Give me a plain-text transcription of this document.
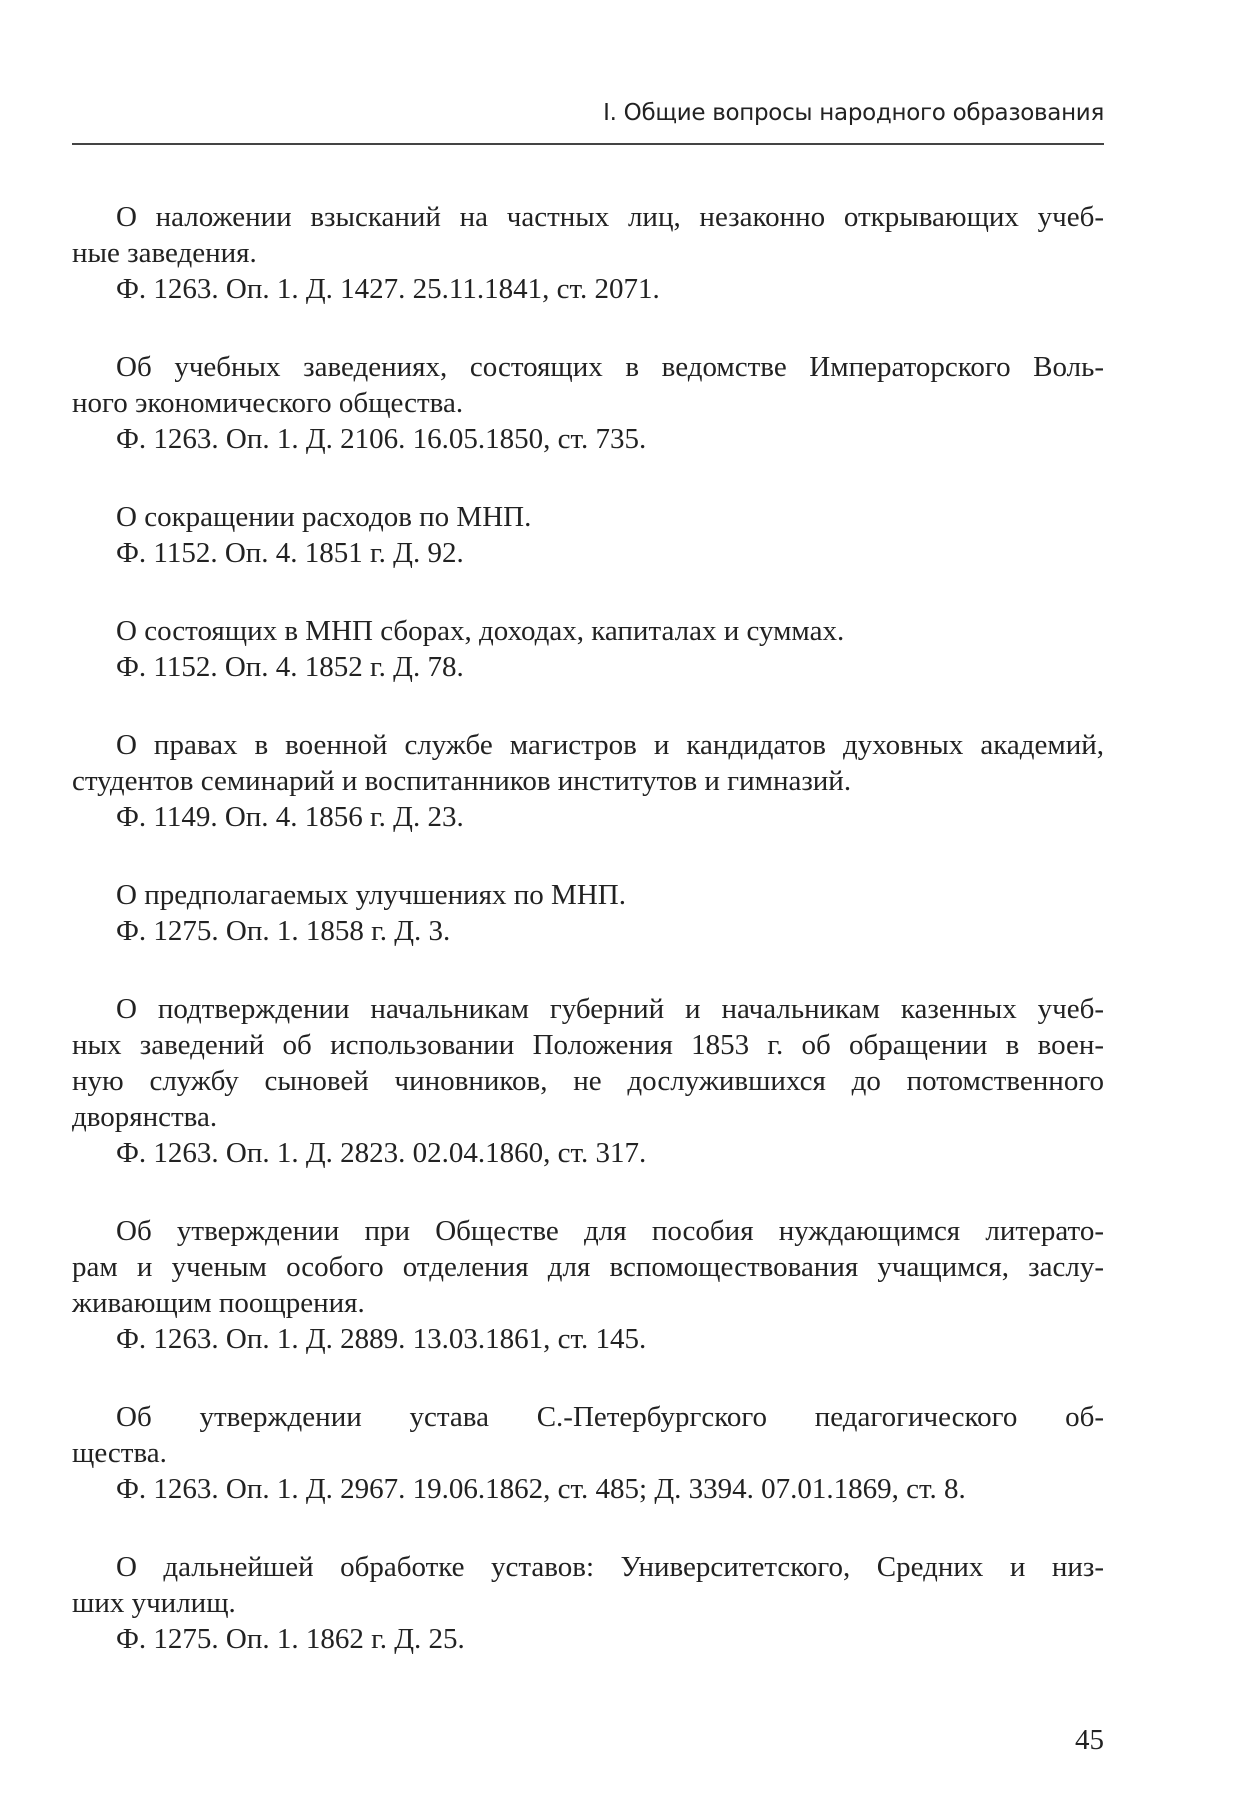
I. Общие вопросы народного образования
О наложении взысканий на частных лиц, незаконно открывающих учеб-
ные заведения.
Ф. 1263. Оп. 1. Д. 1427. 25.11.1841, ст. 2071.
Об учебных заведениях, состоящих в ведомстве Императорского Воль-
ного экономического общества.
Ф. 1263. Оп. 1. Д. 2106. 16.05.1850, ст. 735.
О сокращении расходов по МНП.
Ф. 1152. Оп. 4. 1851 г. Д. 92.
О состоящих в МНП сборах, доходах, капиталах и суммах.
Ф. 1152. Оп. 4. 1852 г. Д. 78.
О правах в военной службе магистров и кандидатов духовных академий,
студентов семинарий и воспитанников институтов и гимназий.
Ф. 1149. Оп. 4. 1856 г. Д. 23.
О предполагаемых улучшениях по МНП.
Ф. 1275. Оп. 1. 1858 г. Д. 3.
О подтверждении начальникам губерний и начальникам казенных учеб-
ных заведений об использовании Положения 1853 г. об обращении в воен-
ную службу сыновей чиновников, не дослужившихся до потомственного
дворянства.
Ф. 1263. Оп. 1. Д. 2823. 02.04.1860, ст. 317.
Об утверждении при Обществе для пособия нуждающимся литерато-
рам и ученым особого отделения для вспомоществования учащимся, заслу-
живающим поощрения.
Ф. 1263. Оп. 1. Д. 2889. 13.03.1861, ст. 145.
Об утверждении устава С.-Петербургского педагогического об-
щества.
Ф. 1263. Оп. 1. Д. 2967. 19.06.1862, ст. 485; Д. 3394. 07.01.1869, ст. 8.
О дальнейшей обработке уставов: Университетского, Средних и низ-
ших училищ.
Ф. 1275. Оп. 1. 1862 г. Д. 25.
45
